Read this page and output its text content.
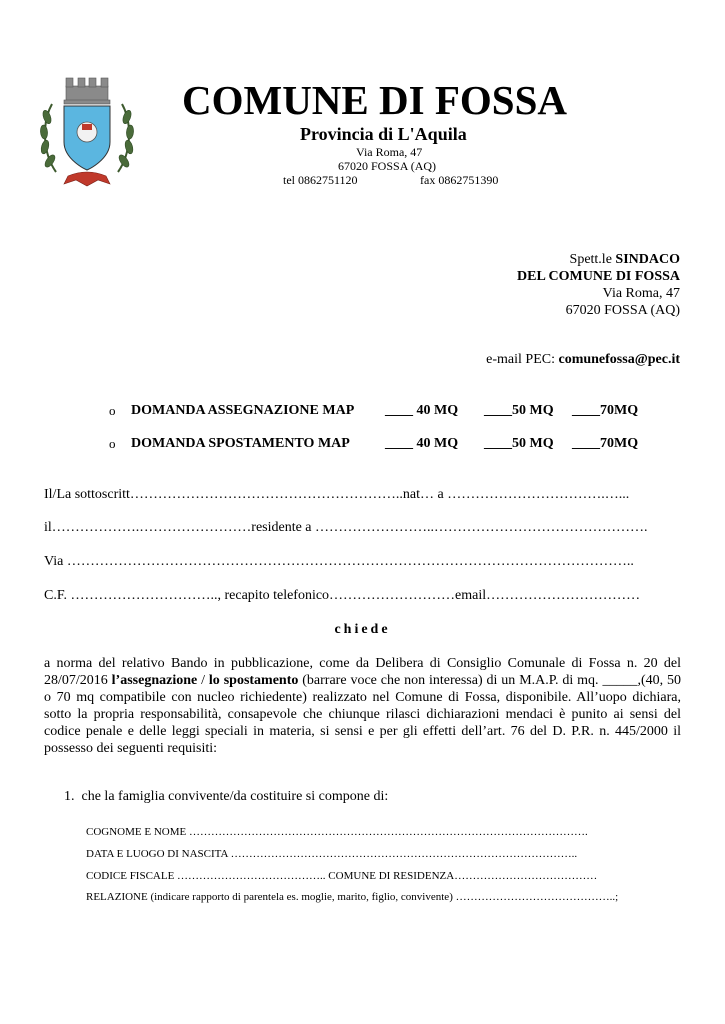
COMUNE DI FOSSA
Provincia di L'Aquila
Via Roma, 47
67020 FOSSA (AQ)
tel 0862751120	fax 0862751390
Spett.le SINDACO
DEL COMUNE DI FOSSA
Via Roma, 47
67020 FOSSA (AQ)
e-mail PEC: comunefossa@pec.it
o DOMANDA ASSEGNAZIONE MAP ____ 40 MQ ____50 MQ ____70MQ
o DOMANDA SPOSTAMENTO MAP	____ 40 MQ ____50 MQ ____70MQ
Il/La sottoscritt…………………………………………………..nat… a …………………………….…...
il……………….……………………residente a ……………………..……………………………………….
Via …………………………………………………………………………………………………………..
C.F. ………………………….., recapito telefonico………………………email……………………………
chiede
a norma del relativo Bando in pubblicazione, come da Delibera di Consiglio Comunale di Fossa n. 20 del 28/07/2016 l’assegnazione / lo spostamento (barrare voce che non interessa) di un M.A.P. di mq. _____,(40, 50 o 70 mq compatibile con nucleo richiedente) realizzato nel Comune di Fossa, disponibile. All’uopo dichiara, sotto la propria responsabilità, consapevole che chiunque rilasci dichiarazioni mendaci è punito ai sensi del codice penale e delle leggi speciali in materia, si sensi e per gli effetti dell’art. 76 del D. P.R. n. 445/2000 il possesso dei seguenti requisiti:
1. che la famiglia convivente/da costituire si compone di:
COGNOME E NOME ……………………………………………………………………………………………….
DATA E LUOGO DI NASCITA …………………………………………………………………………………..
CODICE FISCALE ………………………………….. COMUNE DI RESIDENZA…………………………………
RELAZIONE (indicare rapporto di parentela es. moglie, marito, figlio, convivente) ……………………………………..;
